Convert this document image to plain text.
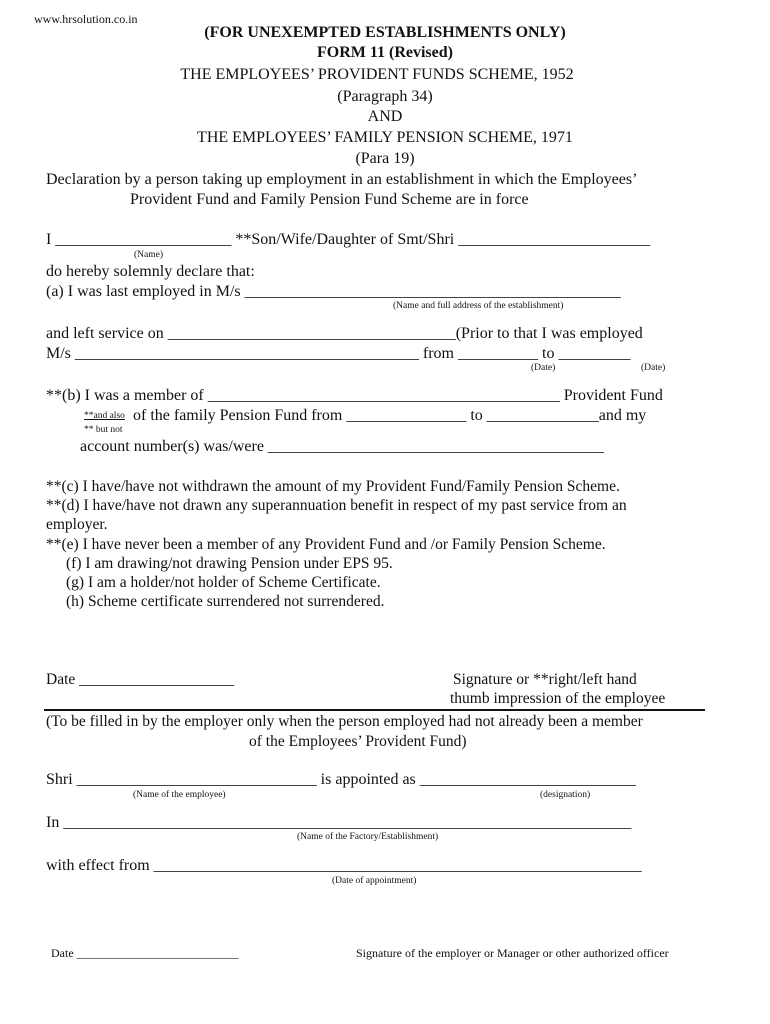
www.hrsolution.co.in
(FOR UNEXEMPTED ESTABLISHMENTS ONLY)
FORM 11 (Revised)
THE EMPLOYEES’ PROVIDENT FUNDS SCHEME, 1952
(Paragraph 34)
AND
THE EMPLOYEES’ FAMILY PENSION SCHEME, 1971
(Para 19)
Declaration by a person taking up employment in an establishment in which the Employees’
Provident Fund and Family Pension Fund Scheme are in force
I ______________________ **Son/Wife/Daughter of Smt/Shri ________________________
(Name)
do hereby solemnly declare that:
(a) I was last employed in M/s _______________________________________________
(Name and full address of the establishment)
and left service on ____________________________________(Prior to that I was employed
M/s ___________________________________________ from __________ to _________
(Date)	(Date)
**(b) I was a member of ____________________________________________ Provident Fund
**and also of the family Pension Fund from _______________ to ______________and my
** but not
account number(s) was/were __________________________________________
**(c) I have/have not withdrawn the amount of my Provident Fund/Family Pension Scheme.
**(d) I have/have not drawn any superannuation benefit in respect of my past service from an
employer.
**(e) I have never been a member of any Provident Fund and /or Family Pension Scheme.
(f) I am drawing/not drawing Pension under EPS 95.
(g) I am a holder/not holder of Scheme Certificate.
(h) Scheme certificate surrendered not surrendered.
Date ____________________	Signature or **right/left hand
thumb impression of the employee
(To be filled in by the employer only when the person employed had not already been a member
of the Employees’ Provident Fund)
Shri ______________________________ is appointed as ___________________________
(Name of the employee)	(designation)
In _______________________________________________________________________
(Name of the Factory/Establishment)
with effect from _____________________________________________________________
(Date of appointment)
Date ___________________________	Signature of the employer or Manager or other authorized officer
